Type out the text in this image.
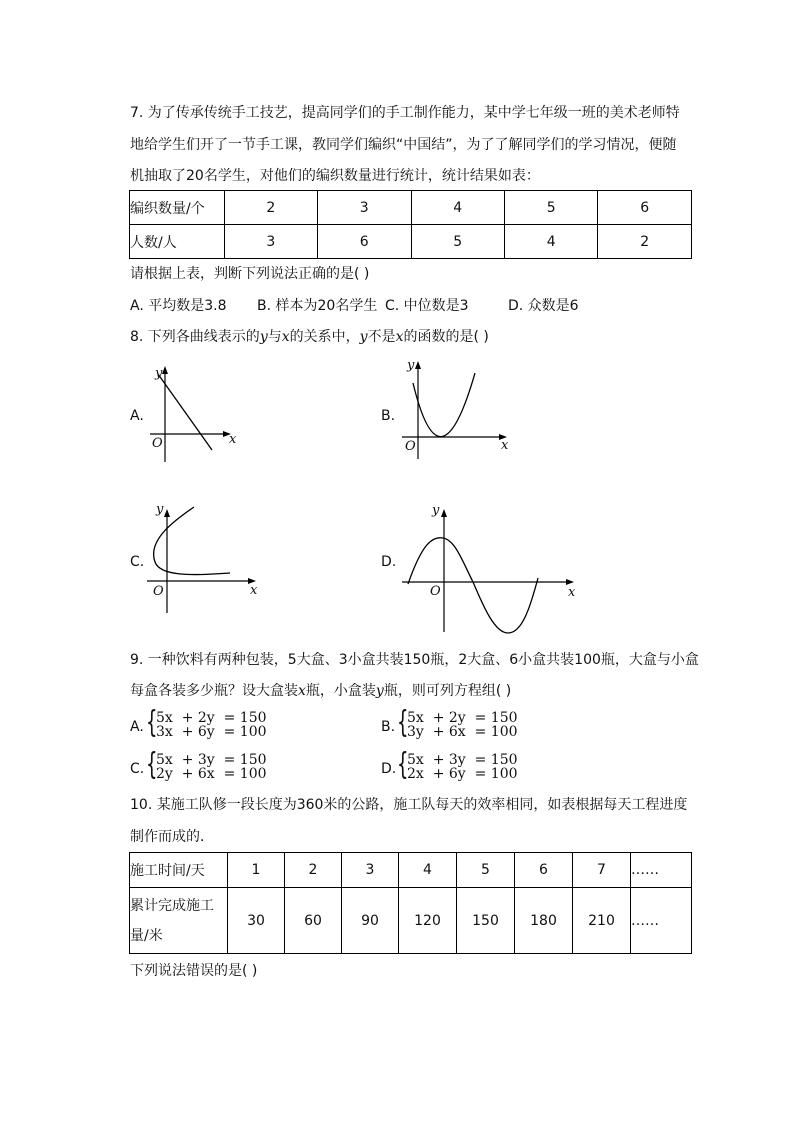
7. 为了传承传统手工技艺，提高同学们的手工制作能力，某中学七年级一班的美术老师特
地给学生们开了一节手工课，教同学们编织“中国结”，为了了解同学们的学习情况，便随
机抽取了20名学生，对他们的编织数量进行统计，统计结果如表：
编织数量/个	2	3	4	5	6
人数/人	3	6	5	4	2
请根据上表，判断下列说法正确的是( )
A. 平均数是3.8 B. 样本为20名学生 C. 中位数是3	D. 众数是6
8. 下列各曲线表示的y与x的关系中，y不是x的函数的是( )
A.	B.
C.	D.
y
x
O
y
x
O
y
x
O
y
x
O
9. 一种饮料有两种包装，5大盒、3小盒共装150瓶，2大盒、6小盒共装100瓶，大盒与小盒
每盒各装多少瓶？设大盒装x瓶，小盒装y瓶，则可列方程组( )
A. {
5x  + 2y  = 150
3x  + 6y  = 100	B. {
5x  + 2y  = 150
3y  + 6x  = 100
C. {
5x  + 3y  = 150
2y  + 6x  = 100	D. {
5x  + 3y  = 150
2x  + 6y  = 100
10. 某施工队修一段长度为360米的公路，施工队每天的效率相同，如表根据每天工程进度
制作而成的．
施工时间/天	1	2	3	4	5	6	7	……
累计完成施工
量/米	30	60	90	120	150	180	210	……
下列说法错误的是( )
